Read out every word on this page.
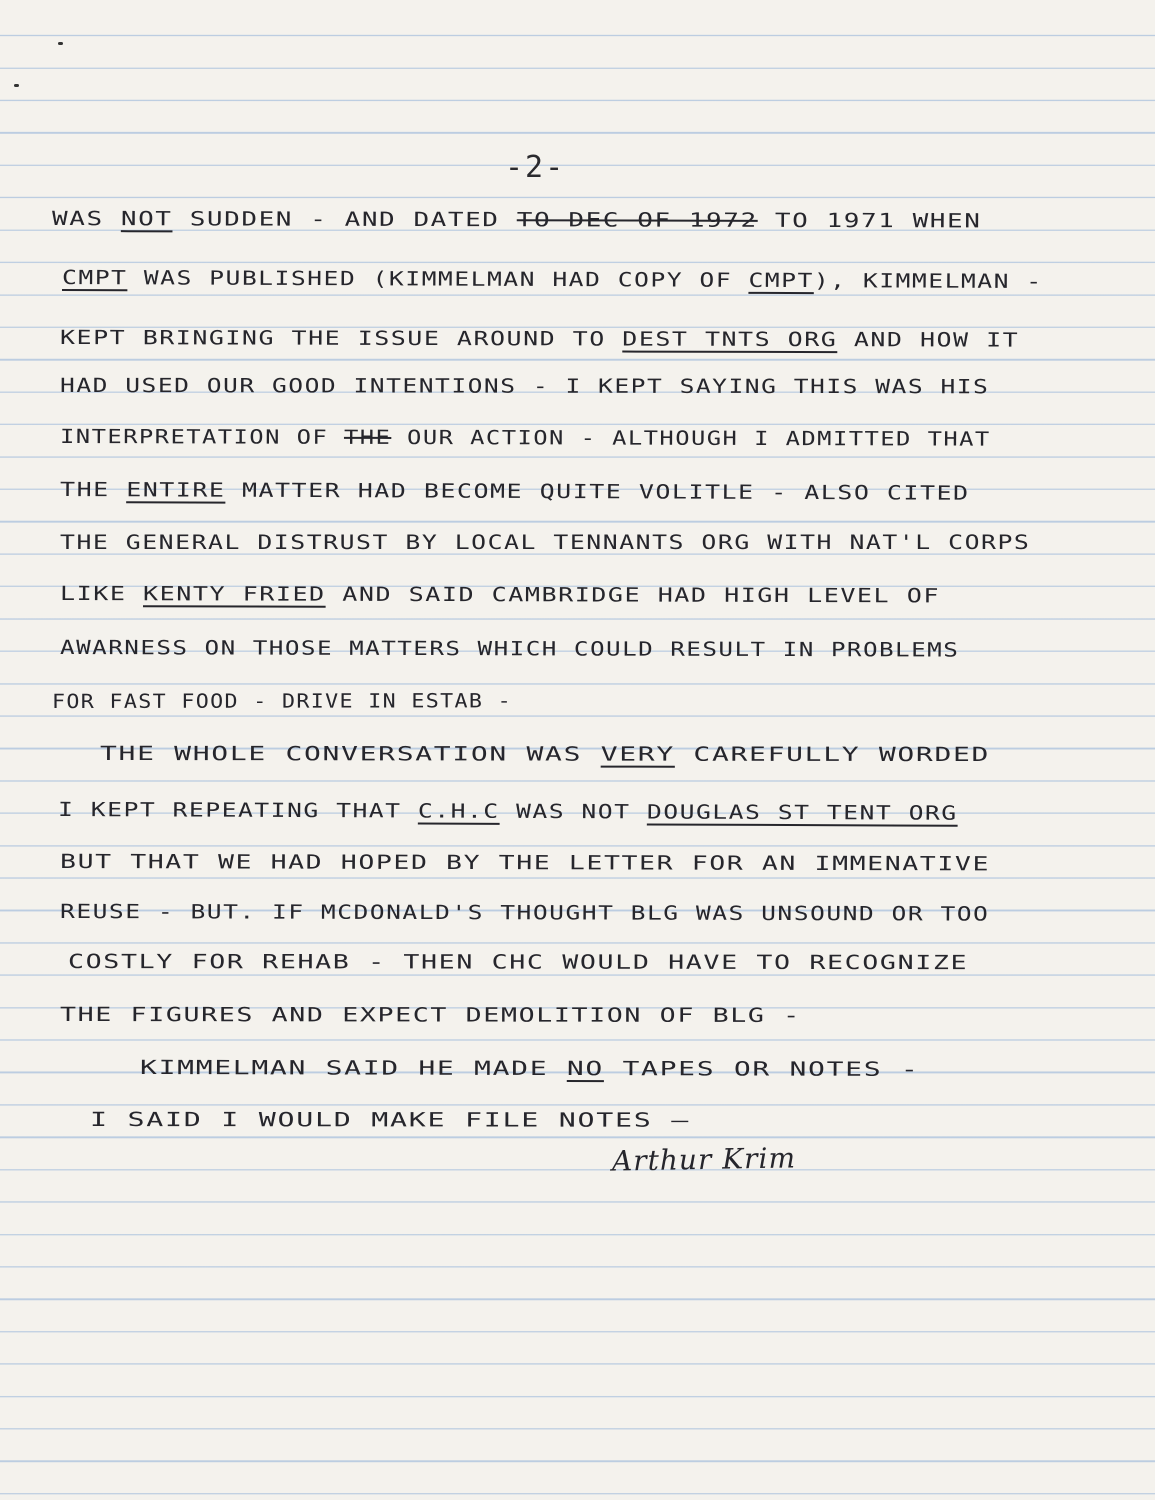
-2-
WAS NOT SUDDEN - AND DATED TO DEC OF 1972 TO 1971 WHEN
CMPT WAS PUBLISHED (KIMMELMAN HAD COPY OF CMPT), KIMMELMAN -
KEPT BRINGING THE ISSUE AROUND TO DEST TNTS ORG AND HOW IT
HAD USED OUR GOOD INTENTIONS - I KEPT SAYING THIS WAS HIS
INTERPRETATION OF THE OUR ACTION - ALTHOUGH I ADMITTED THAT
THE ENTIRE MATTER HAD BECOME QUITE VOLITLE - ALSO CITED
THE GENERAL DISTRUST BY LOCAL TENNANTS ORG WITH NAT'L CORPS
LIKE KENTY FRIED AND SAID CAMBRIDGE HAD HIGH LEVEL OF
AWARNESS ON THOSE MATTERS WHICH COULD RESULT IN PROBLEMS
FOR FAST FOOD - DRIVE IN ESTAB -
THE WHOLE CONVERSATION WAS VERY CAREFULLY WORDED
I KEPT REPEATING THAT C.H.C WAS NOT DOUGLAS ST TENT ORG
BUT THAT WE HAD HOPED BY THE LETTER FOR AN IMMENATIVE
REUSE - BUT. IF MCDONALD'S THOUGHT BLG WAS UNSOUND OR TOO
COSTLY FOR REHAB - THEN CHC WOULD HAVE TO RECOGNIZE
THE FIGURES AND EXPECT DEMOLITION OF BLG -
KIMMELMAN SAID HE MADE NO TAPES OR NOTES -
I SAID I WOULD MAKE FILE NOTES —
Arthur Krim
